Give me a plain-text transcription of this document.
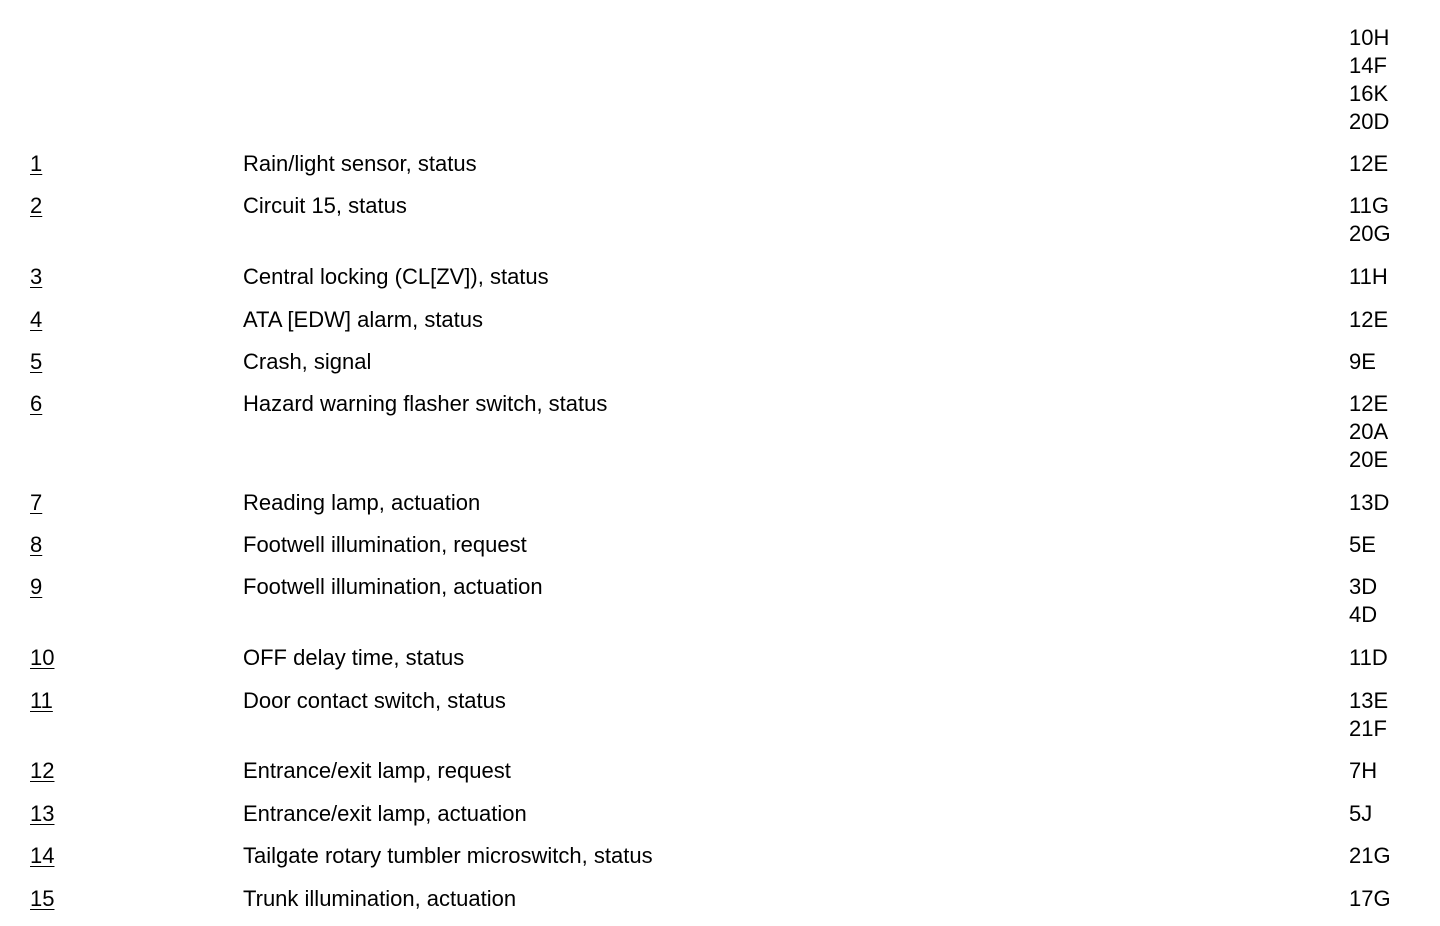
10H
14F
16K
20D
1	Rain/light sensor, status	12E
2	Circuit 15, status	11G
20G
3	Central locking (CL[ZV]), status	11H
4	ATA [EDW] alarm, status	12E
5	Crash, signal	9E
6	Hazard warning flasher switch, status	12E
20A
20E
7	Reading lamp, actuation	13D
8	Footwell illumination, request	5E
9	Footwell illumination, actuation	3D
4D
10	OFF delay time, status	11D
11	Door contact switch, status	13E
21F
12	Entrance/exit lamp, request	7H
13	Entrance/exit lamp, actuation	5J
14	Tailgate rotary tumbler microswitch, status	21G
15	Trunk illumination, actuation	17G
